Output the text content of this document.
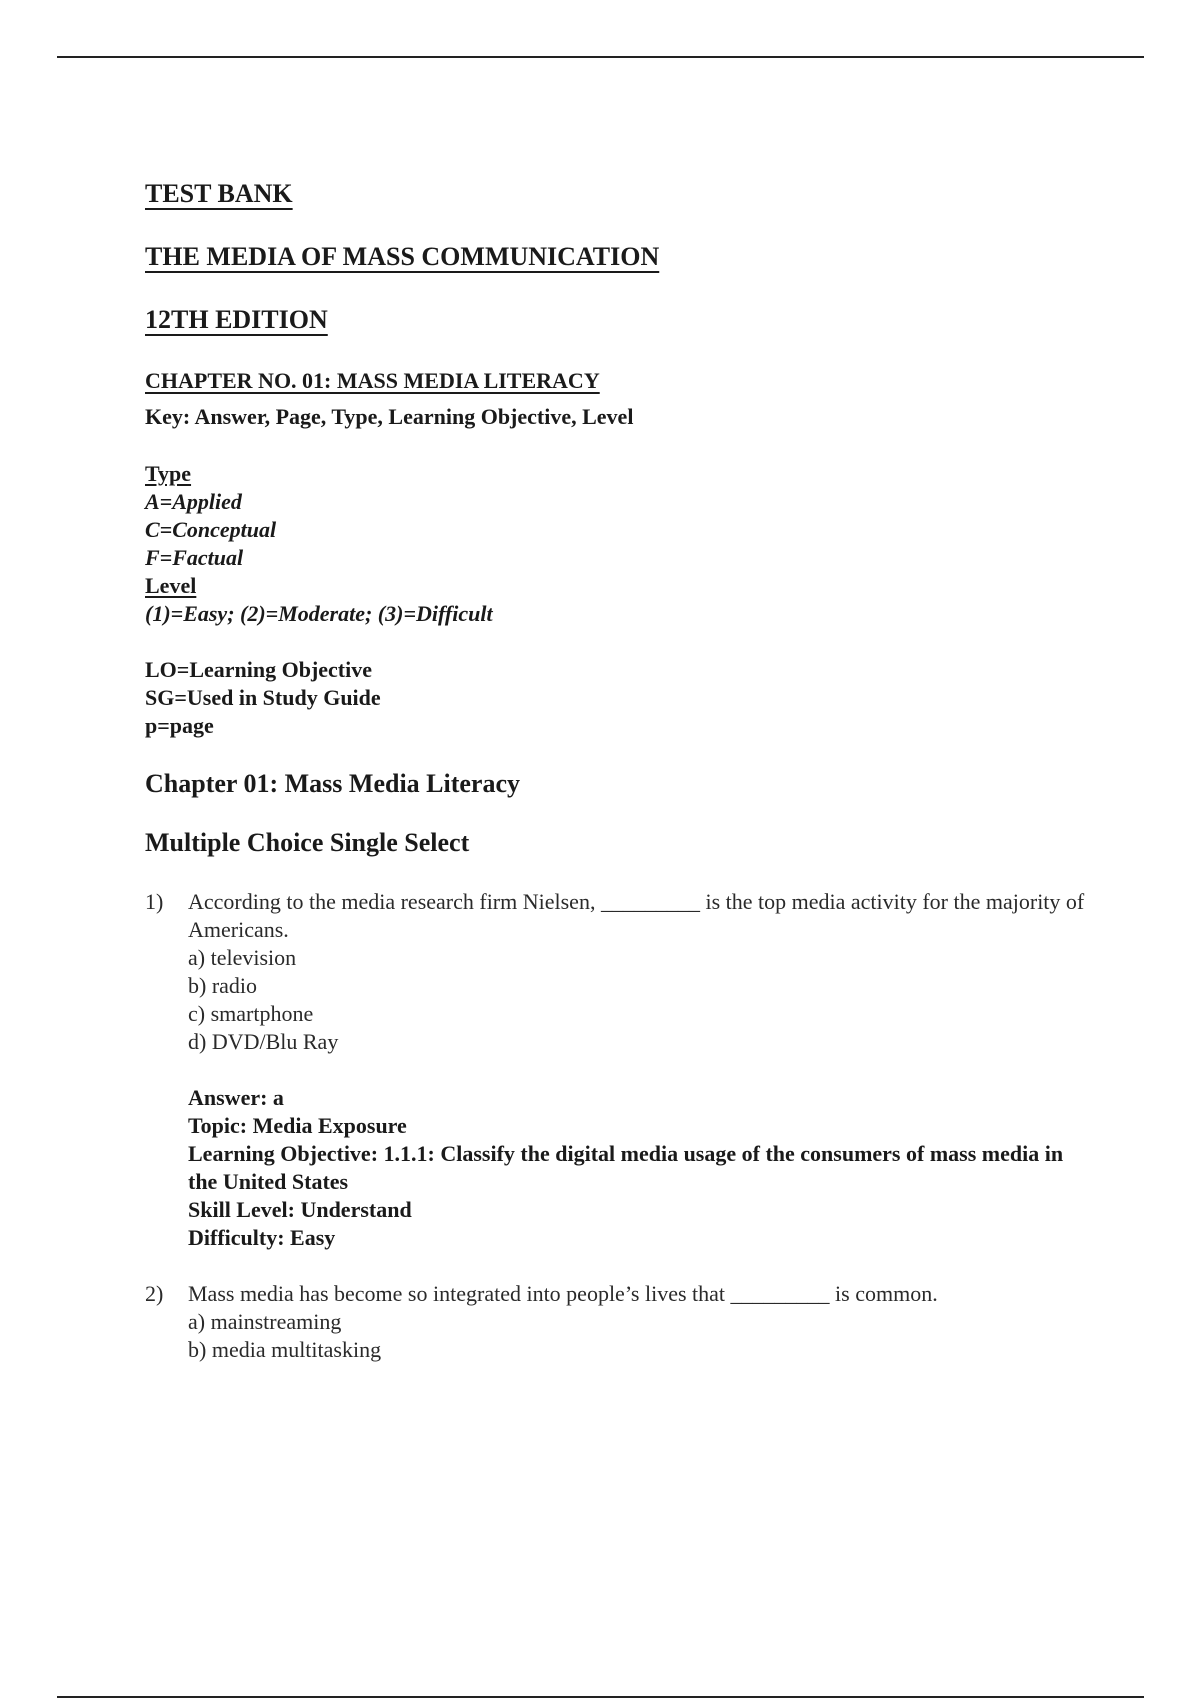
TEST BANK
THE MEDIA OF MASS COMMUNICATION
12TH EDITION
CHAPTER NO. 01: MASS MEDIA LITERACY
Key: Answer, Page, Type, Learning Objective, Level
Type
A=Applied
C=Conceptual
F=Factual
Level
(1)=Easy; (2)=Moderate; (3)=Difficult
LO=Learning Objective
SG=Used in Study Guide
p=page
Chapter 01: Mass Media Literacy
Multiple Choice Single Select
1) According to the media research firm Nielsen, _________ is the top media activity for the majority of Americans.
a) television
b) radio
c) smartphone
d) DVD/Blu Ray
Answer: a
Topic: Media Exposure
Learning Objective: 1.1.1: Classify the digital media usage of the consumers of mass media in the United States
Skill Level: Understand
Difficulty: Easy
2) Mass media has become so integrated into people’s lives that _________ is common.
a) mainstreaming
b) media multitasking
